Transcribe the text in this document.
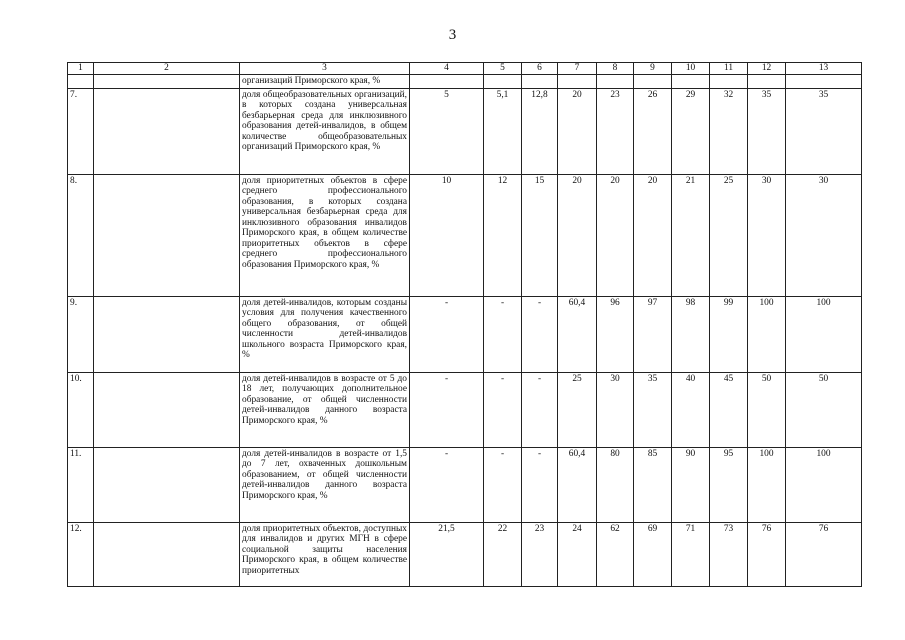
3
1	2	3	4	5	6	7	8	9	10	11	12	13
		организаций Приморского края, %										
7.		доля общеобразовательных организаций, в которых создана универсальная безбарьерная среда для инклюзивного образования детей-инвалидов, в общем количестве общеобразовательных организаций Приморского края, %	5	5,1	12,8	20	23	26	29	32	35	35
8.		доля приоритетных объектов в сфере среднего профессионального образования, в которых создана универсальная безбарьерная среда для инклюзивного образования инвалидов Приморского края, в общем количестве приоритетных объектов в сфере среднего профессионального образования Приморского края, %	10	12	15	20	20	20	21	25	30	30
9.		доля детей-инвалидов, которым созданы условия для получения качественного общего образования, от общей численности детей-инвалидов школьного возраста Приморского края, %	-	-	-	60,4	96	97	98	99	100	100
10.		доля детей-инвалидов в возрасте от 5 до 18 лет, получающих дополнительное образование, от общей численности детей-инвалидов данного возраста Приморского края, %	-	-	-	25	30	35	40	45	50	50
11.		доля детей-инвалидов в возрасте от 1,5 до 7 лет, охваченных дошкольным образованием, от общей численности детей-инвалидов данного возраста Приморского края, %	-	-	-	60,4	80	85	90	95	100	100
12.		доля приоритетных объектов, доступных для инвалидов и других МГН в сфере социальной защиты населения Приморского края, в общем количестве приоритетных	21,5	22	23	24	62	69	71	73	76	76
